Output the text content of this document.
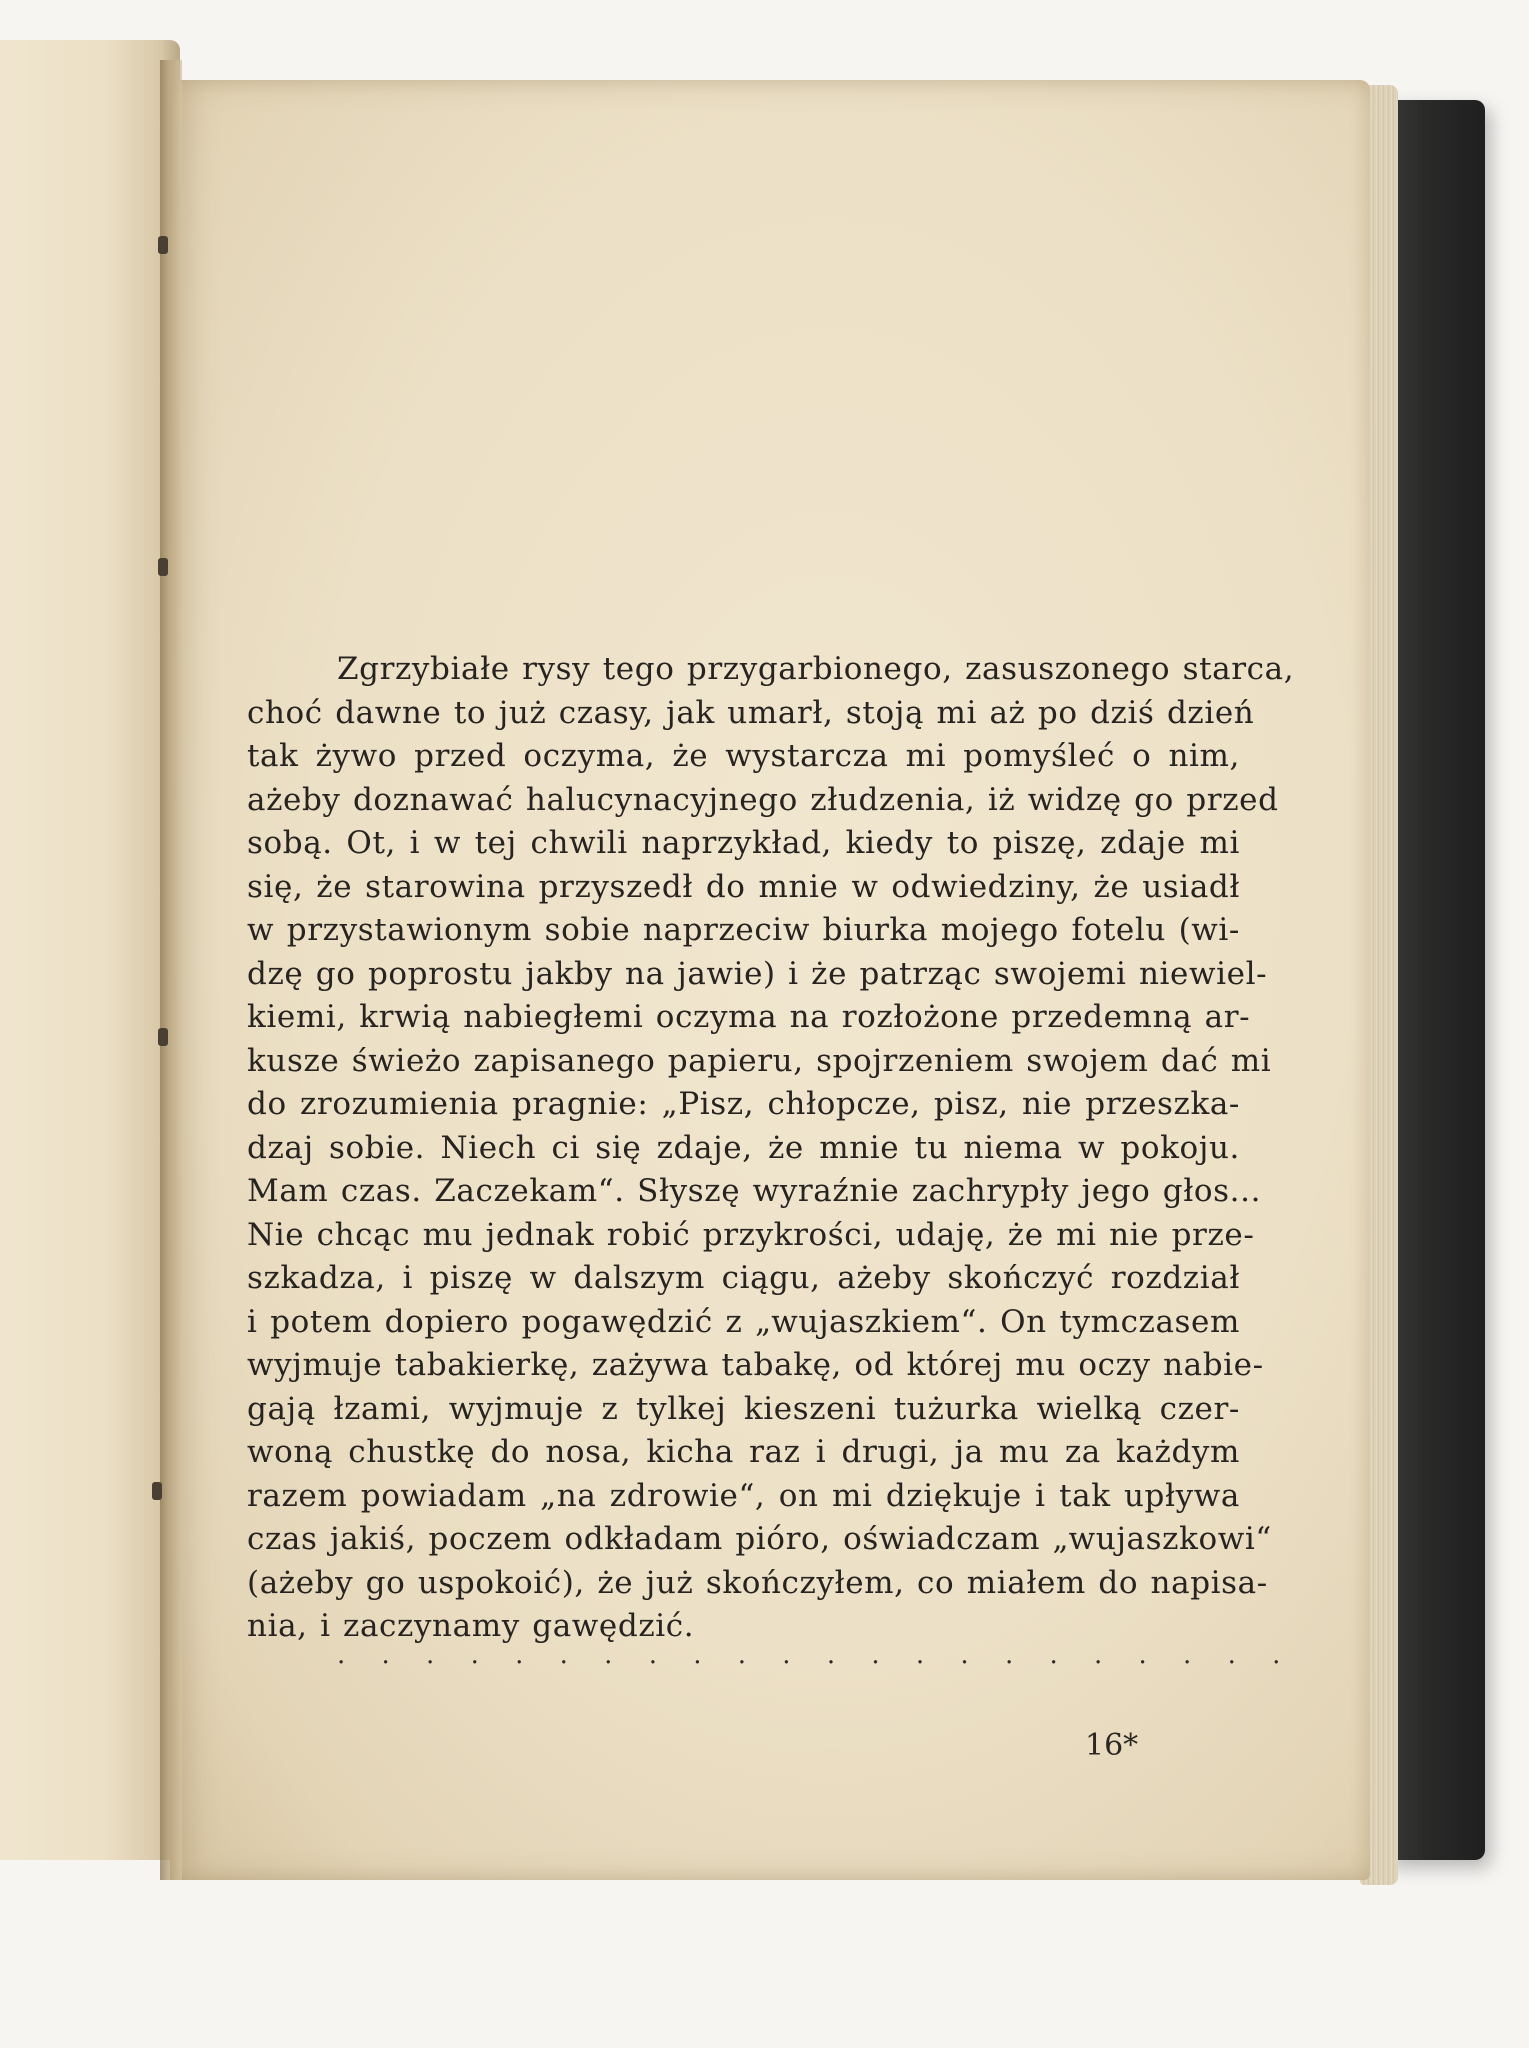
Zgrzybiałe rysy tego przygarbionego, zasuszonego starca,
choć dawne to już czasy, jak umarł, stoją mi aż po dziś dzień
tak żywo przed oczyma, że wystarcza mi pomyśleć o nim,
ażeby doznawać halucynacyjnego złudzenia, iż widzę go przed
sobą. Ot, i w tej chwili naprzykład, kiedy to piszę, zdaje mi
się, że starowina przyszedł do mnie w odwiedziny, że usiadł
w przystawionym sobie naprzeciw biurka mojego fotelu (wi-
dzę go poprostu jakby na jawie) i że patrząc swojemi niewiel-
kiemi, krwią nabiegłemi oczyma na rozłożone przedemną ar-
kusze świeżo zapisanego papieru, spojrzeniem swojem dać mi
do zrozumienia pragnie: „Pisz, chłopcze, pisz, nie przeszka-
dzaj sobie. Niech ci się zdaje, że mnie tu niema w pokoju.
Mam czas. Zaczekam“. Słyszę wyraźnie zachrypły jego głos...
Nie chcąc mu jednak robić przykrości, udaję, że mi nie prze-
szkadza, i piszę w dalszym ciągu, ażeby skończyć rozdział
i potem dopiero pogawędzić z „wujaszkiem“. On tymczasem
wyjmuje tabakierkę, zażywa tabakę, od której mu oczy nabie-
gają łzami, wyjmuje z tylkej kieszeni tużurka wielką czer-
woną chustkę do nosa, kicha raz i drugi, ja mu za każdym
razem powiadam „na zdrowie“, on mi dziękuje i tak upływa
czas jakiś, poczem odkładam pióro, oświadczam „wujaszkowi“
(ażeby go uspokoić), że już skończyłem, co miałem do napisa-
nia, i zaczynamy gawędzić.
. . . . . . . . . . . . . . . . . . . . . .
16*
